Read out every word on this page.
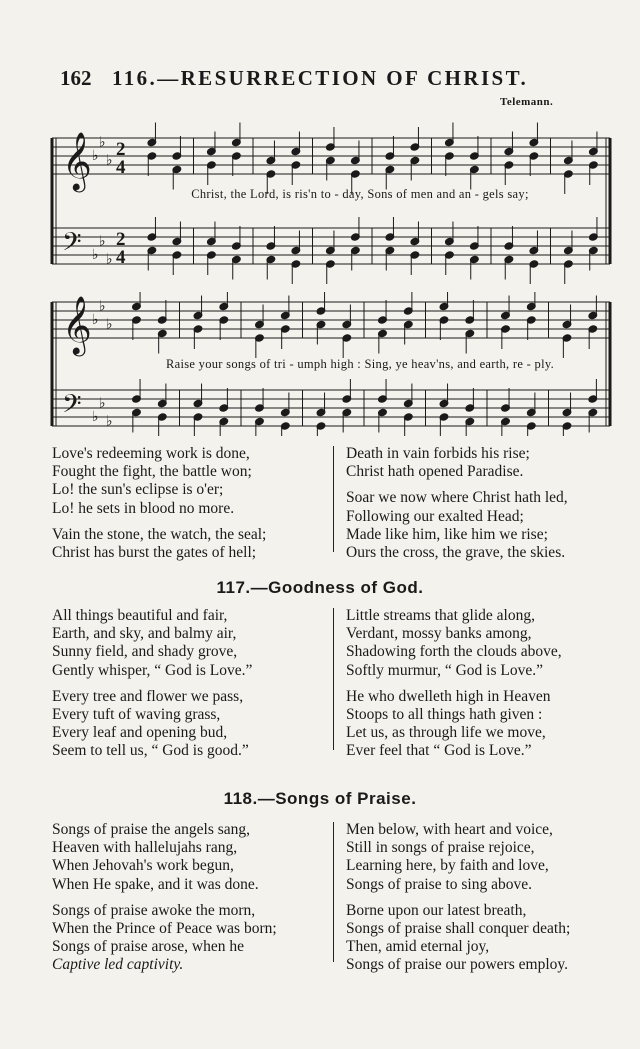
162 116.—RESURRECTION OF CHRIST.
Telemann.
𝄞
𝄢
♭
♭
♭
♭
♭
♭
2
4
2
4
Christ, the Lord, is ris'n to - day, Sons of men and an - gels say;
𝄞
𝄢
♭
♭
♭
♭
♭
♭
Raise your songs of tri - umph high : Sing, ye heav'ns, and earth, re - ply.
Love's redeeming work is done,
Fought the fight, the battle won;
Lo! the sun's eclipse is o'er;
Lo! he sets in blood no more.
Vain the stone, the watch, the seal;
Christ has burst the gates of hell;
Death in vain forbids his rise;
Christ hath opened Paradise.
Soar we now where Christ hath led,
Following our exalted Head;
Made like him, like him we rise;
Ours the cross, the grave, the skies.
117.—Goodness of God.
All things beautiful and fair,
Earth, and sky, and balmy air,
Sunny field, and shady grove,
Gently whisper, “ God is Love.”
Every tree and flower we pass,
Every tuft of waving grass,
Every leaf and opening bud,
Seem to tell us, “ God is good.”
Little streams that glide along,
Verdant, mossy banks among,
Shadowing forth the clouds above,
Softly murmur, “ God is Love.”
He who dwelleth high in Heaven
Stoops to all things hath given :
Let us, as through life we move,
Ever feel that “ God is Love.”
118.—Songs of Praise.
Songs of praise the angels sang,
Heaven with hallelujahs rang,
When Jehovah's work begun,
When He spake, and it was done.
Songs of praise awoke the morn,
When the Prince of Peace was born;
Songs of praise arose, when he
Captive led captivity.
Men below, with heart and voice,
Still in songs of praise rejoice,
Learning here, by faith and love,
Songs of praise to sing above.
Borne upon our latest breath,
Songs of praise shall conquer death;
Then, amid eternal joy,
Songs of praise our powers employ.
